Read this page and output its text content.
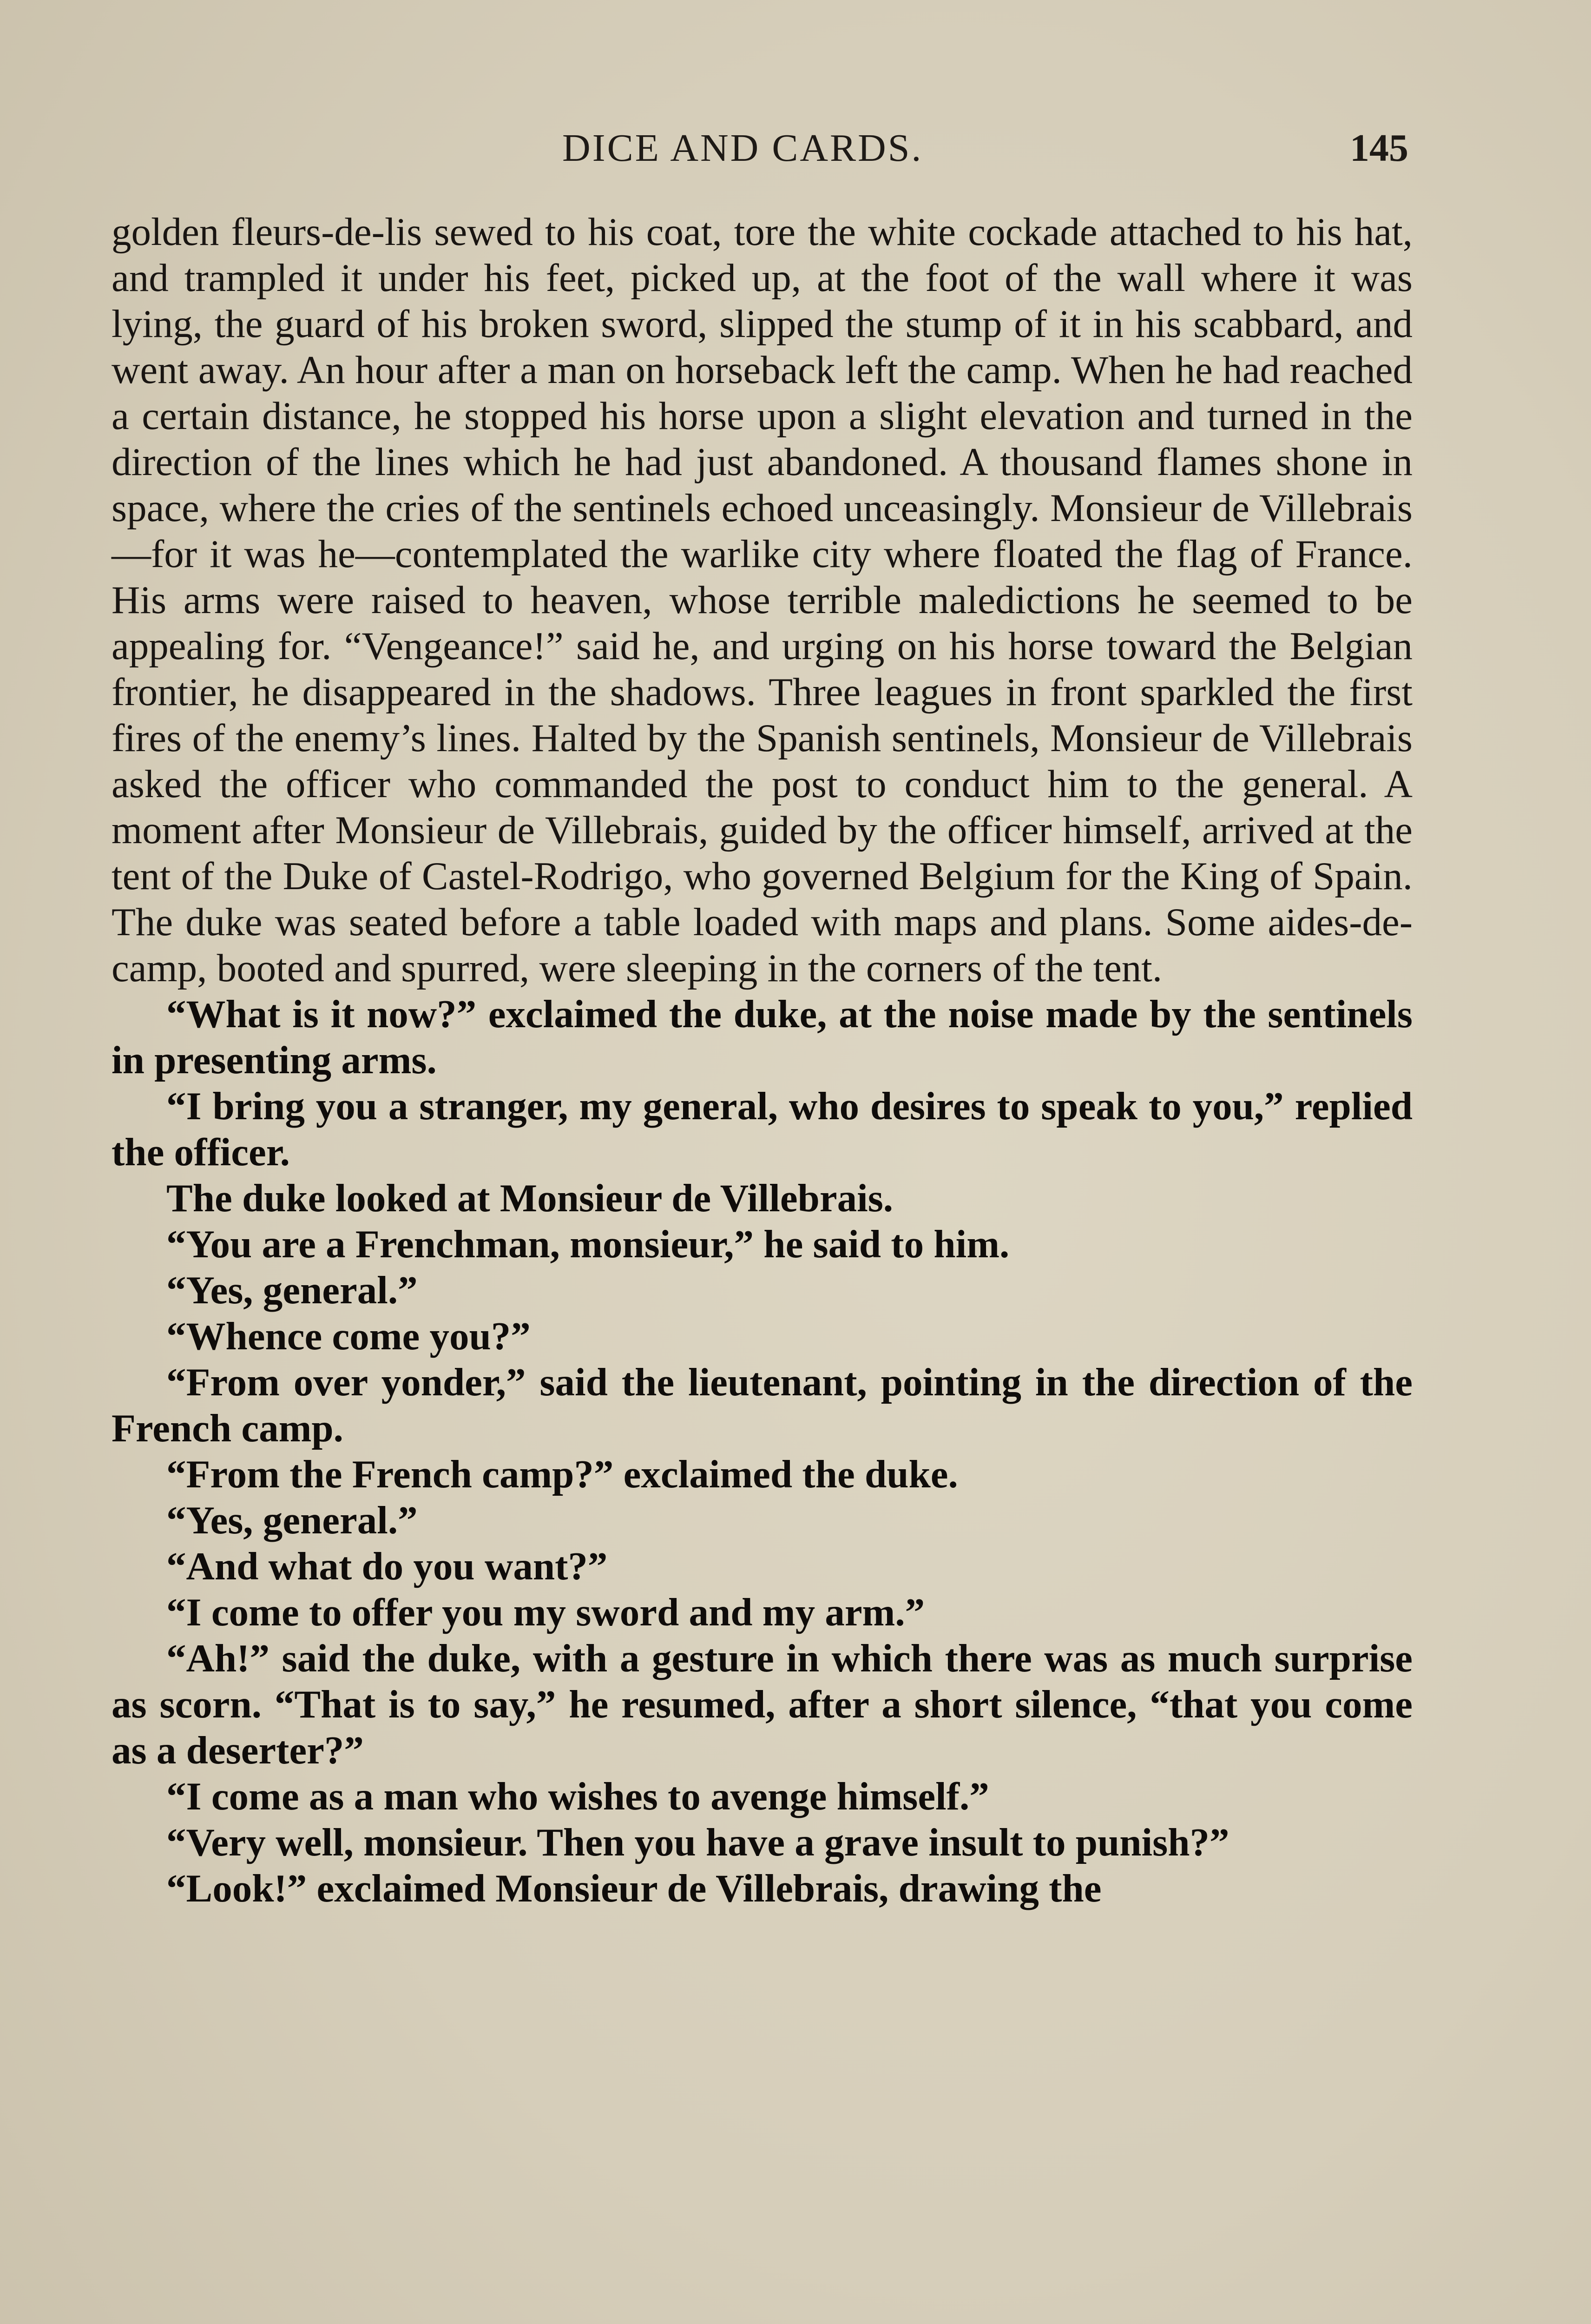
DICE AND CARDS.	145

golden fleurs-de-lis sewed to his coat, tore the white cockade attached to his hat, and trampled it under his feet, picked up, at the foot of the wall where it was lying, the guard of his broken sword, slipped the stump of it in his scabbard, and went away. An hour after a man on horseback left the camp. When he had reached a certain distance, he stopped his horse upon a slight elevation and turned in the direction of the lines which he had just abandoned. A thousand flames shone in space, where the cries of the sentinels echoed unceasingly. Monsieur de Villebrais—for it was he—contemplated the warlike city where floated the flag of France. His arms were raised to heaven, whose terrible maledictions he seemed to be appealing for. “Vengeance!” said he, and urging on his horse toward the Belgian frontier, he disappeared in the shadows. Three leagues in front sparkled the first fires of the enemy’s lines. Halted by the Spanish sentinels, Monsieur de Villebrais asked the officer who commanded the post to conduct him to the general. A moment after Monsieur de Villebrais, guided by the officer himself, arrived at the tent of the Duke of Castel-Rodrigo, who governed Belgium for the King of Spain. The duke was seated before a table loaded with maps and plans. Some aides-de-camp, booted and spurred, were sleeping in the corners of the tent.

“What is it now?” exclaimed the duke, at the noise made by the sentinels in presenting arms.

“I bring you a stranger, my general, who desires to speak to you,” replied the officer.

The duke looked at Monsieur de Villebrais.

“You are a Frenchman, monsieur,” he said to him.

“Yes, general.”

“Whence come you?”

“From over yonder,” said the lieutenant, pointing in the direction of the French camp.

“From the French camp?” exclaimed the duke.

“Yes, general.”

“And what do you want?”

“I come to offer you my sword and my arm.”

“Ah!” said the duke, with a gesture in which there was as much surprise as scorn. “That is to say,” he resumed, after a short silence, “that you come as a deserter?”

“I come as a man who wishes to avenge himself.”

“Very well, monsieur. Then you have a grave insult to punish?”

“Look!” exclaimed Monsieur de Villebrais, drawing the
